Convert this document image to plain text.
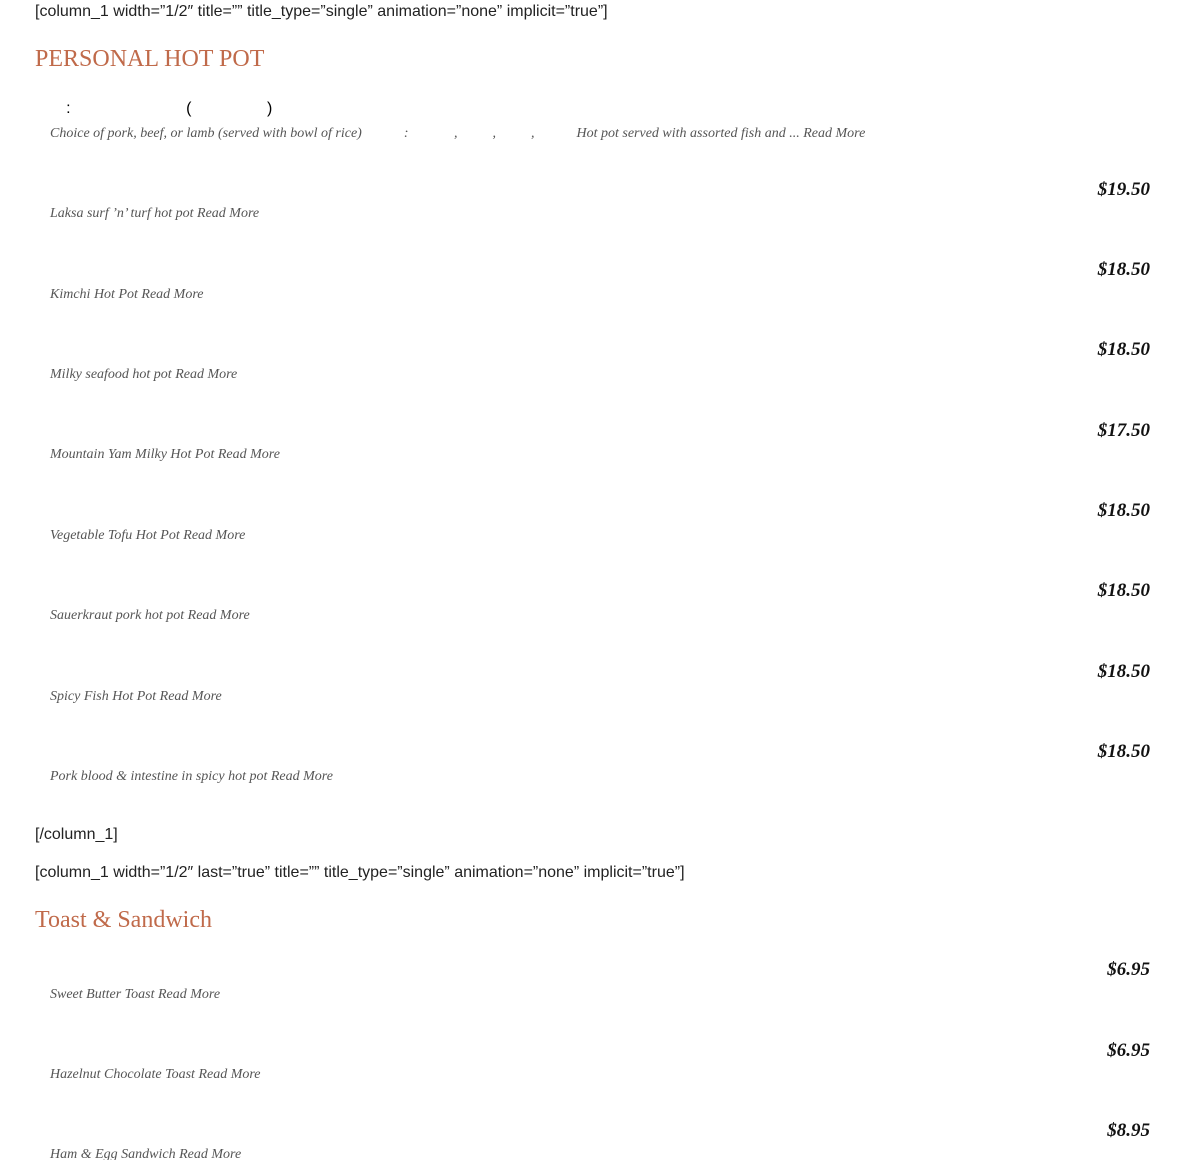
[column_1 width=”1/2″ title=”” title_type=”single” animation=”none” implicit=”true”]
PERSONAL HOT POT
:                          (                 )
Choice of pork, beef, or lamb (served with bowl of rice)            :             ,          ,          ,            Hot pot served with assorted fish and ... Read More
$19.50
Laksa surf ’n’ turf hot pot Read More
$18.50
Kimchi Hot Pot Read More
$18.50
Milky seafood hot pot Read More
$17.50
Mountain Yam Milky Hot Pot Read More
$18.50
Vegetable Tofu Hot Pot Read More
$18.50
Sauerkraut pork hot pot Read More
$18.50
Spicy Fish Hot Pot Read More
$18.50
Pork blood & intestine in spicy hot pot Read More
[/column_1]
[column_1 width=”1/2″ last=”true” title=”” title_type=”single” animation=”none” implicit=”true”]
Toast & Sandwich
$6.95
Sweet Butter Toast Read More
$6.95
Hazelnut Chocolate Toast Read More
$8.95
Ham & Egg Sandwich Read More
